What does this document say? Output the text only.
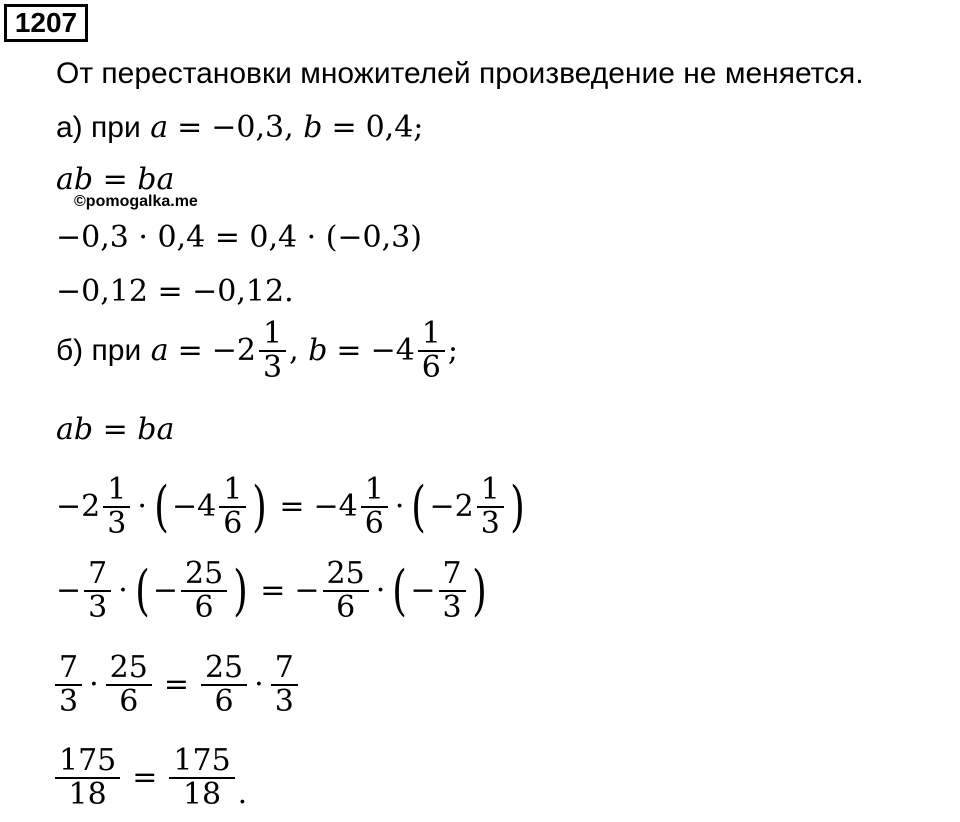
1207
От перестановки множителей произведение не меняется.
а) при
a = −0,3,
b = 0,4;
ab = ba
©pomogalka.me
−0,3 · 0,4 = 0,4 · (−0,3)
−0,12 = −0,12.
б) при
$a = -2 \frac{1}{3}$ ,
$b = -4 \frac{1}{6}$ ;
ab = ba
$-2 \frac{1}{3}$ · ( $-4 \frac{1}{6}$ ) = $-4 \frac{1}{6}$ · ( $-2 \frac{1}{3}$ )
− $\frac{7}{3}$ · ( − $\frac{25}{6}$ ) = − $\frac{25}{6}$ · ( − $\frac{7}{3}$ )
$\frac{7}{3} \cdot \frac{25}{6} = \frac{25}{6} \cdot \frac{7}{3}$
$\frac{175}{18} = \frac{175}{18}$ .
